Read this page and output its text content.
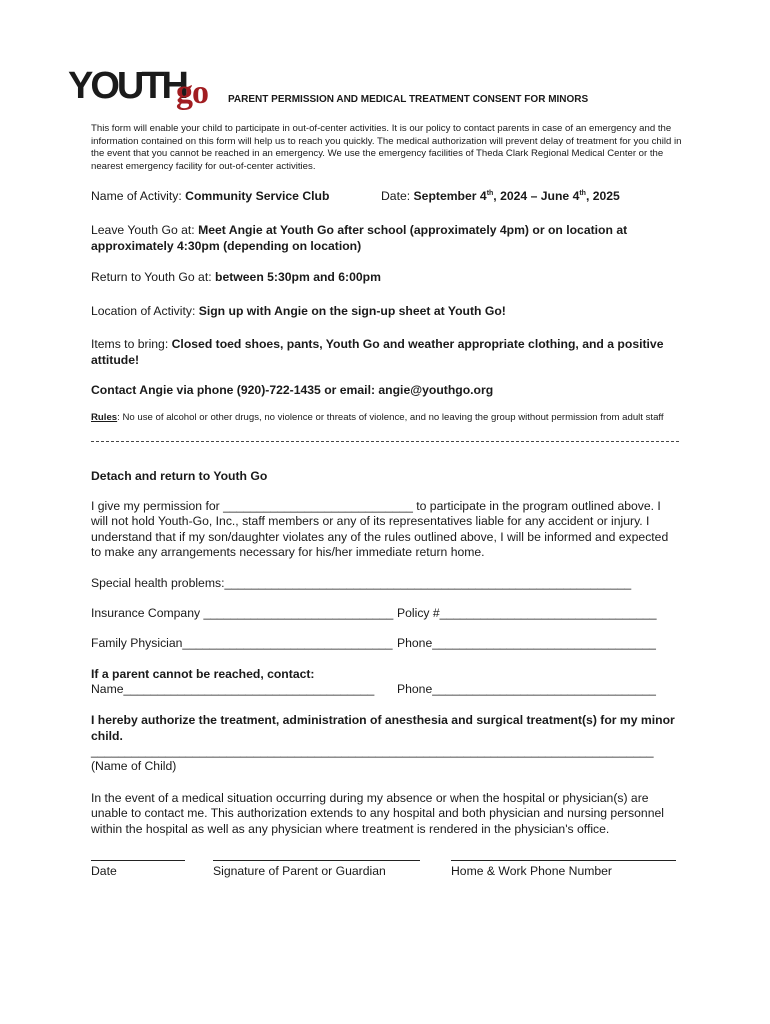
YOUTH
go PARENT PERMISSION AND MEDICAL TREATMENT CONSENT FOR MINORS
This form will enable your child to participate in out-of-center activities. It is our policy to contact parents in case of an emergency and the information contained on this form will help us to reach you quickly. The medical authorization will prevent delay of treatment for you child in the event that you cannot be reached in an emergency. We use the emergency facilities of Theda Clark Regional Medical Center or the nearest emergency facility for out-of-center activities.
Name of Activity: Community Service Club	Date: September 4th, 2024 – June 4th, 2025
Leave Youth Go at: Meet Angie at Youth Go after school (approximately 4pm) or on location at approximately 4:30pm (depending on location)
Return to Youth Go at: between 5:30pm and 6:00pm
Location of Activity: Sign up with Angie on the sign-up sheet at Youth Go!
Items to bring: Closed toed shoes, pants, Youth Go and weather appropriate clothing, and a positive attitude!
Contact Angie via phone (920)-722-1435 or email: angie@youthgo.org
Rules: No use of alcohol or other drugs, no violence or threats of violence, and no leaving the group without permission from adult staff
Detach and return to Youth Go
I give my permission for ____________________________ to participate in the program outlined above. I will not hold Youth-Go, Inc., staff members or any of its representatives liable for any accident or injury. I understand that if my son/daughter violates any of the rules outlined above, I will be informed and expected to make any arrangements necessary for his/her immediate return home.
Special health problems:____________________________________________________________
Insurance Company ____________________________ Policy #________________________________
Family Physician_______________________________ Phone_________________________________
If a parent cannot be reached, contact:
Name_____________________________________ Phone_________________________________
I hereby authorize the treatment, administration of anesthesia and surgical treatment(s) for my minor child.
___________________________________________________________________________________
(Name of Child)
In the event of a medical situation occurring during my absence or when the hospital or physician(s) are unable to contact me. This authorization extends to any hospital and both physician and nursing personnel within the hospital as well as any physician where treatment is rendered in the physician's office.
Date	Signature of Parent or Guardian	Home & Work Phone Number
